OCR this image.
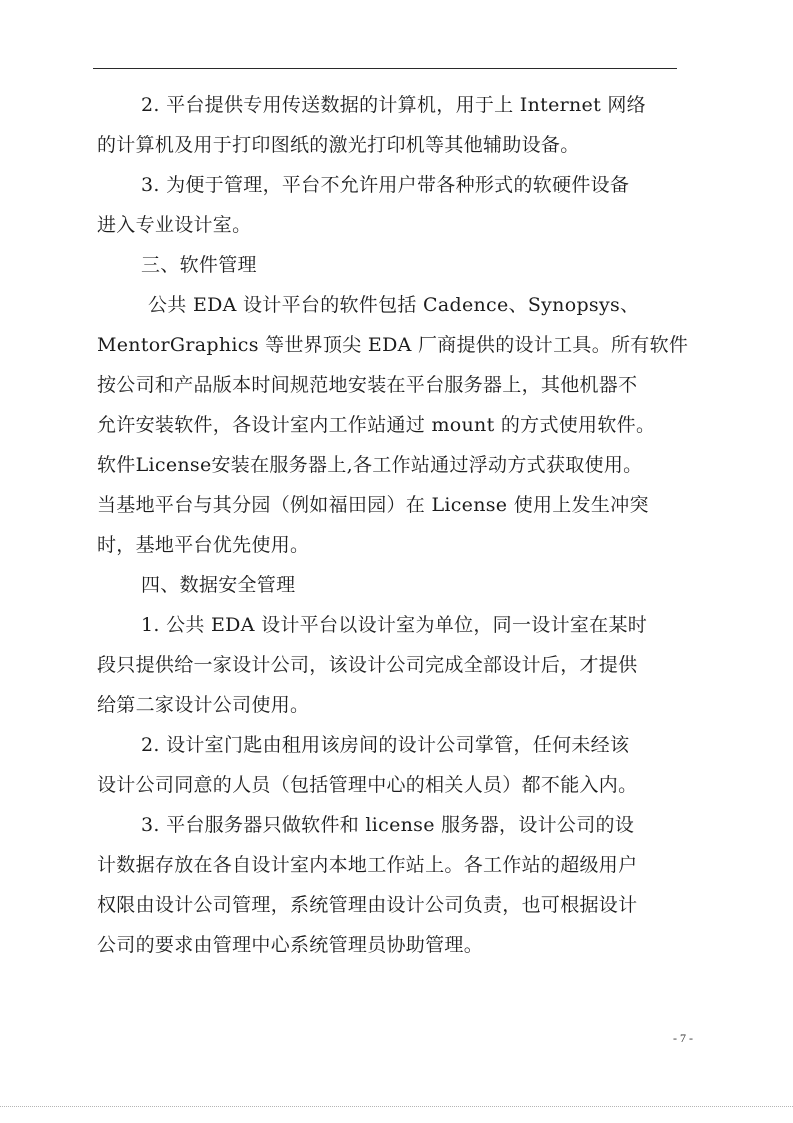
2. 平台提供专用传送数据的计算机，用于上 Internet 网络
的计算机及用于打印图纸的激光打印机等其他辅助设备。
3. 为便于管理，平台不允许用户带各种形式的软硬件设备
进入专业设计室。
三、软件管理
公共 EDA 设计平台的软件包括 Cadence、Synopsys、
MentorGraphics 等世界顶尖 EDA 厂商提供的设计工具。所有软件
按公司和产品版本时间规范地安装在平台服务器上，其他机器不
允许安装软件，各设计室内工作站通过 mount 的方式使用软件。
软件License安装在服务器上,各工作站通过浮动方式获取使用。
当基地平台与其分园（例如福田园）在 License 使用上发生冲突
时，基地平台优先使用。
四、数据安全管理
1. 公共 EDA 设计平台以设计室为单位，同一设计室在某时
段只提供给一家设计公司，该设计公司完成全部设计后，才提供
给第二家设计公司使用。
2. 设计室门匙由租用该房间的设计公司掌管，任何未经该
设计公司同意的人员（包括管理中心的相关人员）都不能入内。
3. 平台服务器只做软件和 license 服务器，设计公司的设
计数据存放在各自设计室内本地工作站上。各工作站的超级用户
权限由设计公司管理，系统管理由设计公司负责，也可根据设计
公司的要求由管理中心系统管理员协助管理。
- 7 -
